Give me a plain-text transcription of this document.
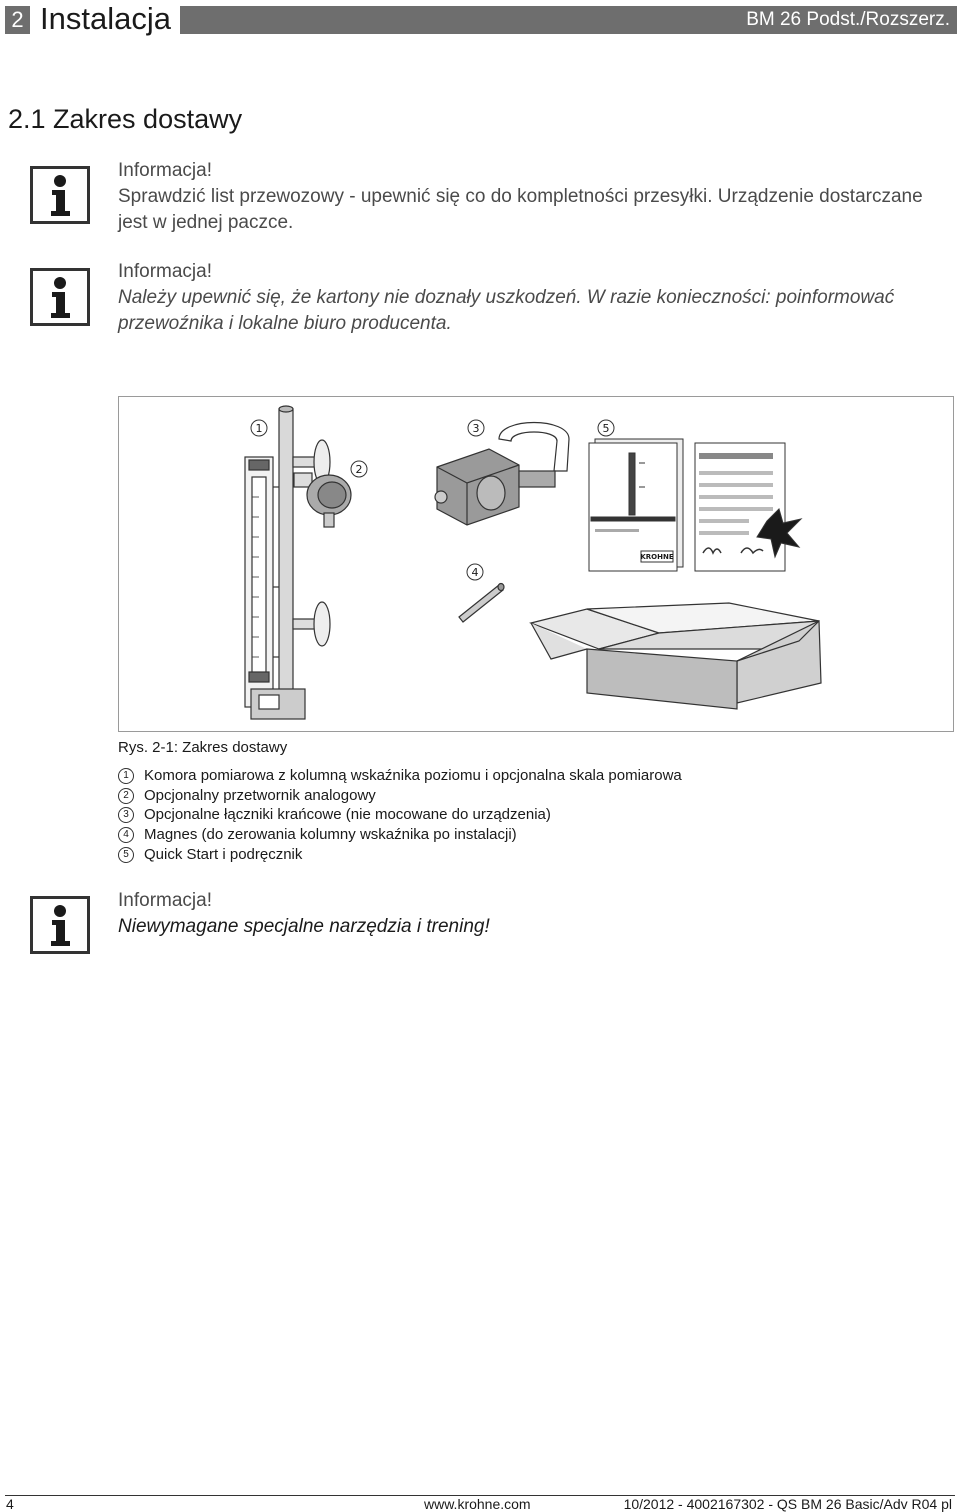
2 Instalacja	BM 26 Podst./Rozszerz.
2.1 Zakres dostawy
Informacja!
Sprawdzić list przewozowy - upewnić się co do kompletności przesyłki. Urządzenie dostarczane jest w jednej paczce.
Informacja!
Należy upewnić się, że kartony nie doznały uszkodzeń. W razie konieczności: poinformować przewoźnika i lokalne biuro producenta.
1
2
3
4
5
KROHNE
Rys. 2-1: Zakres dostawy
1	Komora pomiarowa z kolumną wskaźnika poziomu i opcjonalna skala pomiarowa
2	Opcjonalny przetwornik analogowy
3	Opcjonalne łączniki krańcowe (nie mocowane do urządzenia)
4	Magnes (do zerowania kolumny wskaźnika po instalacji)
5	Quick Start i podręcznik
Informacja!
Niewymagane specjalne narzędzia i trening!
4	www.krohne.com	10/2012 - 4002167302 - QS BM 26 Basic/Adv R04 pl
